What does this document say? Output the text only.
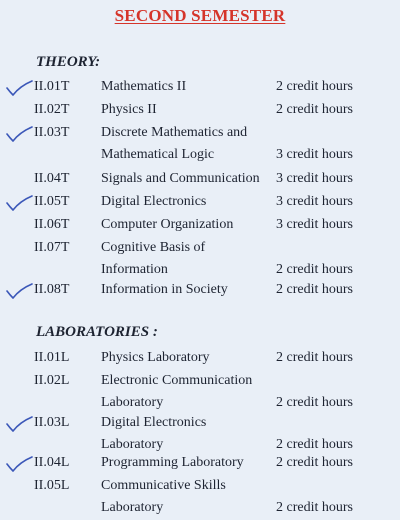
SECOND SEMESTER
THEORY:
II.01T Mathematics II	2 credit hours
II.02T Physics II	2 credit hours
II.03T Discrete Mathematics and
Mathematical Logic	3 credit hours
II.04T Signals and Communication	3 credit hours
II.05T Digital Electronics	3 credit hours
II.06T Computer Organization	3 credit hours
II.07T Cognitive Basis of
Information	2 credit hours
II.08T Information in Society	2 credit hours
LABORATORIES :
II.01L Physics Laboratory	2 credit hours
II.02L Electronic Communication
Laboratory	2 credit hours
II.03L Digital Electronics
Laboratory	2 credit hours
II.04L Programming Laboratory	2 credit hours
II.05L Communicative Skills
Laboratory	2 credit hours
